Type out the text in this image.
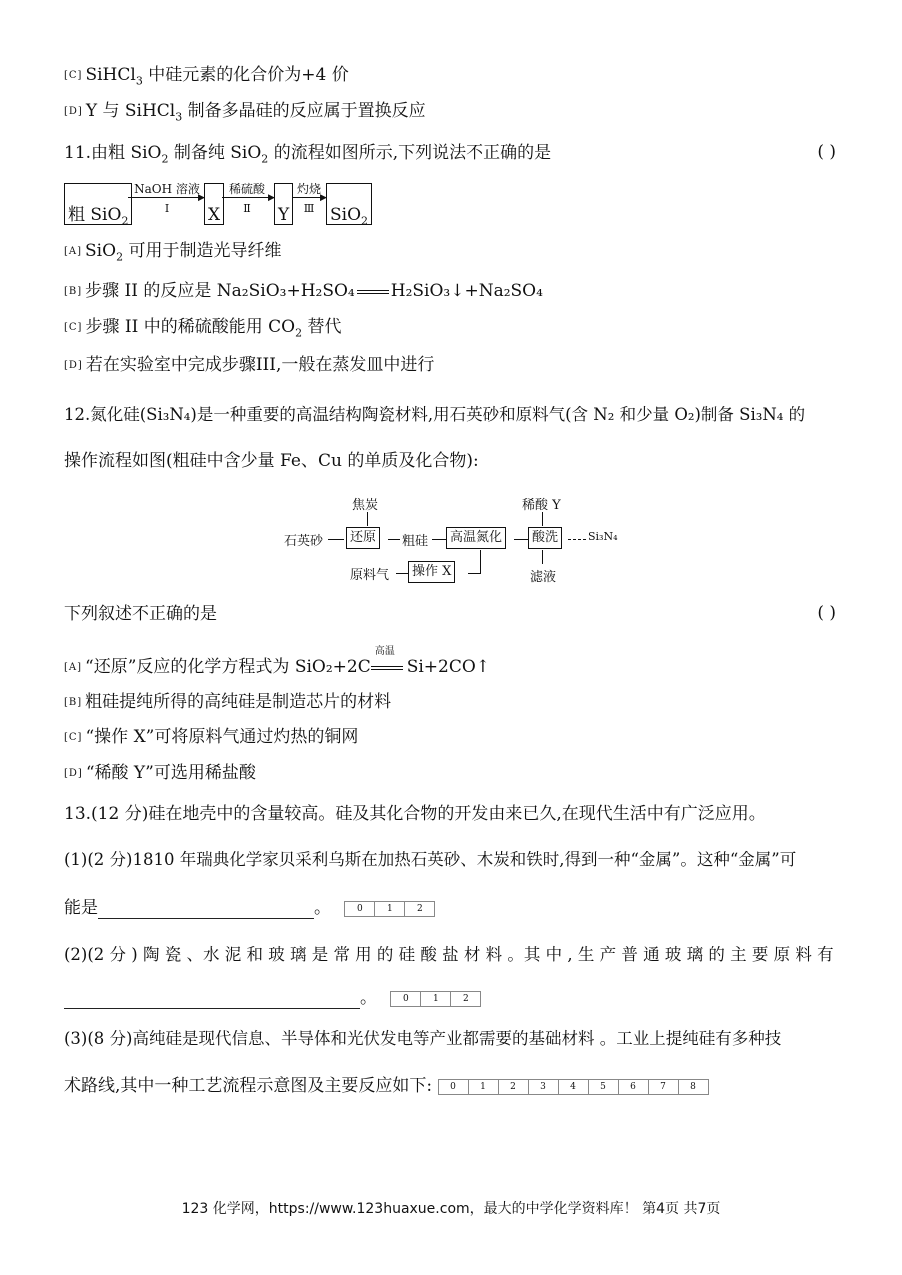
[C] SiHCl$_3$ 中硅元素的化合价为+4 价
[D] Y 与 SiHCl$_3$ 制备多晶硅的反应属于置换反应
11.由粗 SiO$_2$ 制备纯 SiO$_2$ 的流程如图所示,下列说法不正确的是	( )
粗 SiO$_2$
NaOH 溶液
▶
Ⅰ	X
稀硫酸
▶
Ⅱ	Y
灼烧
▶
Ⅲ SiO$_2$
[A] SiO$_2$ 可用于制造光导纤维
[B] 步骤 II 的反应是 Na₂SiO₃+H₂SO₄ H₂SiO₃↓+Na₂SO₄
[C] 步骤 II 中的稀硫酸能用 $CO_2$ 替代
[D] 若在实验室中完成步骤III,一般在蒸发皿中进行
12.氮化硅(Si₃N₄)是一种重要的高温结构陶瓷材料,用石英砂和原料气(含 N₂ 和少量 O₂)制备 Si₃N₄ 的
操作流程如图(粗硅中含少量 Fe、Cu 的单质及化合物):
焦炭	稀酸 Y
石英砂	还原	粗硅	高温氮化	酸洗	Si₃N₄
滤液
原料气	操作 X
下列叙述不正确的是	( )
[A] “还原”反应的化学方程式为 SiO₂+2C
高温
Si+2CO↑
[B] 粗硅提纯所得的高纯硅是制造芯片的材料
[C] “操作 X”可将原料气通过灼热的铜网
[D] “稀酸 Y”可选用稀盐酸
13.(12 分)硅在地壳中的含量较高。硅及其化合物的开发由来已久,在现代生活中有广泛应用。
(1)(2 分)1810 年瑞典化学家贝采利乌斯在加热石英砂、木炭和铁时,得到一种“金属”。这种“金属”可
能是	。	0	1	2
(2)(2 分 ) 陶 瓷 、水 泥 和 玻 璃 是 常 用 的 硅 酸 盐 材 料 。其 中 , 生 产 普 通 玻 璃 的 主 要 原 料 有
。	0	1	2
(3)(8 分)高纯硅是现代信息、半导体和光伏发电等产业都需要的基础材料 。工业上提纯硅有多种技
术路线,其中一种工艺流程示意图及主要反应如下:	0	1	2	3	4	5	6	7	8
123 化学网，https://www.123huaxue.com，最大的中学化学资料库！ 第4页 共7页
